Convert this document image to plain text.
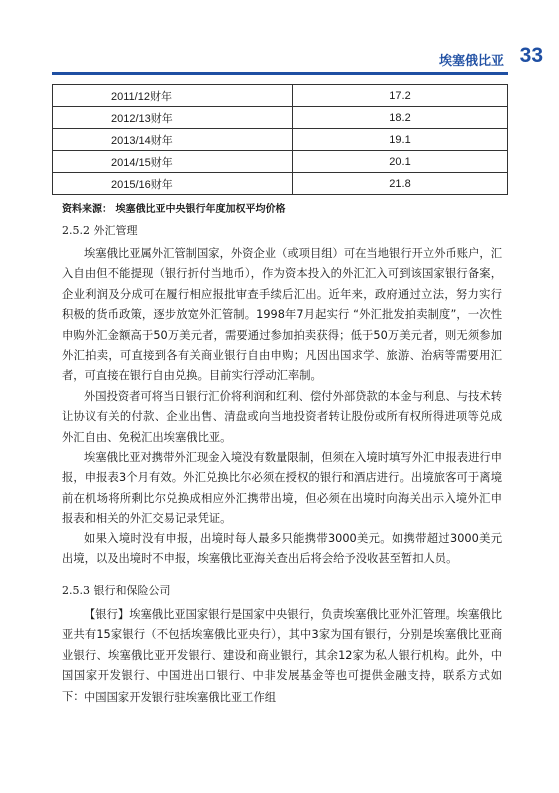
埃塞俄比亚 33
2011/12财年	17.2
2012/13财年	18.2
2013/14财年	19.1
2014/15财年	20.1
2015/16财年	21.8
资料来源： 埃塞俄比亚中央银行年度加权平均价格
2.5.2 外汇管理

埃塞俄比亚属外汇管制国家，外资企业（或项目组）可在当地银行开立外币账户，汇入自由但不能提现（银行折付当地币），作为资本投入的外汇汇入可到该国家银行备案，企业利润及分成可在履行相应报批审查手续后汇出。近年来，政府通过立法，努力实行积极的货币政策，逐步放宽外汇管制。1998年7月起实行 “外汇批发拍卖制度”，一次性申购外汇金额高于50万美元者，需要通过参加拍卖获得；低于50万美元者，则无须参加外汇拍卖，可直接到各有关商业银行自由申购；凡因出国求学、旅游、治病等需要用汇者，可直接在银行自由兑换。目前实行浮动汇率制。

外国投资者可将当日银行汇价将利润和红利、偿付外部贷款的本金与利息、与技术转让协议有关的付款、企业出售、清盘或向当地投资者转让股份或所有权所得进项等兑成外汇自由、免税汇出埃塞俄比亚。

埃塞俄比亚对携带外汇现金入境没有数量限制，但须在入境时填写外汇申报表进行申报，申报表3个月有效。外汇兑换比尔必须在授权的银行和酒店进行。出境旅客可于离境前在机场将所剩比尔兑换成相应外汇携带出境，但必须在出境时向海关出示入境外汇申报表和相关的外汇交易记录凭证。

如果入境时没有申报，出境时每人最多只能携带3000美元。如携带超过3000美元出境，以及出境时不申报，埃塞俄比亚海关查出后将会给予没收甚至暂扣人员。

2.5.3 银行和保险公司

【银行】埃塞俄比亚国家银行是国家中央银行，负责埃塞俄比亚外汇管理。埃塞俄比亚共有15家银行（不包括埃塞俄比亚央行），其中3家为国有银行，分别是埃塞俄比亚商业银行、埃塞俄比亚开发银行、建设和商业银行，其余12家为私人银行机构。此外，中国国家开发银行、中国进出口银行、中非发展基金等也可提供金融支持，联系方式如下： 中国国家开发银行驻埃塞俄比亚工作组
